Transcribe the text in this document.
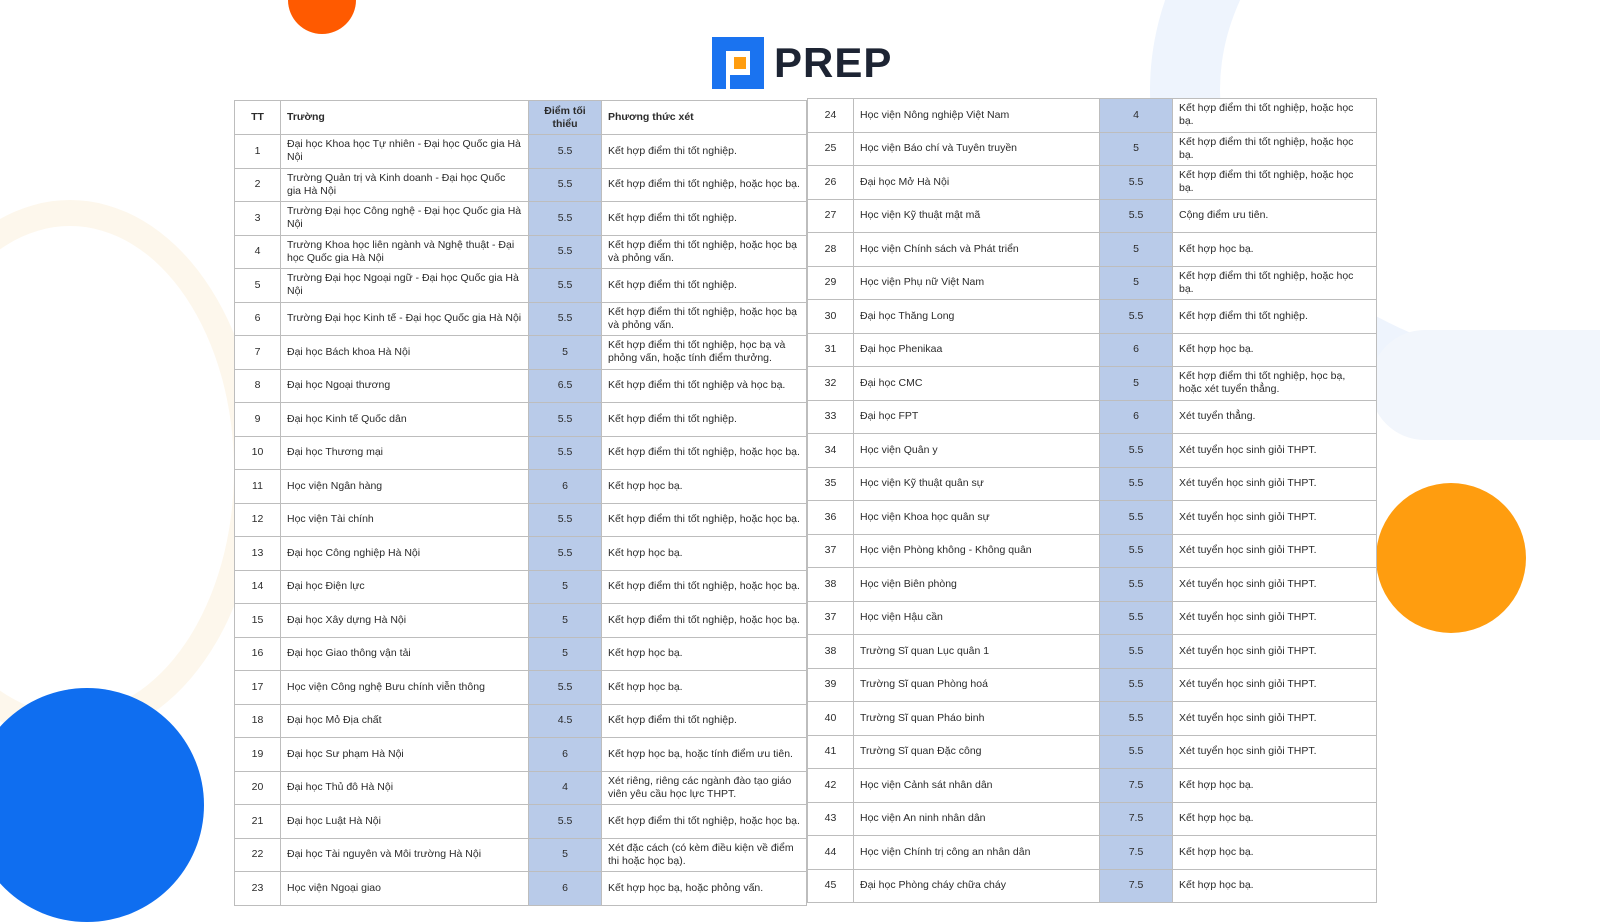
PREP
TT	Trường	Điểm tối thiểu	Phương thức xét
1	Đại học Khoa học Tự nhiên - Đại học Quốc gia Hà Nội	5.5	Kết hợp điểm thi tốt nghiệp.
2	Trường Quản trị và Kinh doanh - Đại học Quốc gia Hà Nội	5.5	Kết hợp điểm thi tốt nghiệp, hoặc học bạ.
3	Trường Đại học Công nghệ - Đại học Quốc gia Hà Nội	5.5	Kết hợp điểm thi tốt nghiệp.
4	Trường Khoa học liên ngành và Nghệ thuật - Đại học Quốc gia Hà Nội	5.5	Kết hợp điểm thi tốt nghiệp, hoặc học bạ và phỏng vấn.
5	Trường Đại học Ngoại ngữ - Đại học Quốc gia Hà Nội	5.5	Kết hợp điểm thi tốt nghiệp.
6	Trường Đại học Kinh tế - Đại học Quốc gia Hà Nội	5.5	Kết hợp điểm thi tốt nghiệp, hoặc học bạ và phỏng vấn.
7	Đại học Bách khoa Hà Nội	5	Kết hợp điểm thi tốt nghiệp, học bạ và phỏng vấn, hoặc tính điểm thưởng.
8	Đại học Ngoại thương	6.5	Kết hợp điểm thi tốt nghiệp và học bạ.
9	Đại học Kinh tế Quốc dân	5.5	Kết hợp điểm thi tốt nghiệp.
10	Đại học Thương mại	5.5	Kết hợp điểm thi tốt nghiệp, hoặc học bạ.
11	Học viện Ngân hàng	6	Kết hợp học bạ.
12	Học viện Tài chính	5.5	Kết hợp điểm thi tốt nghiệp, hoặc học bạ.
13	Đại học Công nghiệp Hà Nội	5.5	Kết hợp học bạ.
14	Đại học Điện lực	5	Kết hợp điểm thi tốt nghiệp, hoặc học bạ.
15	Đại học Xây dựng Hà Nội	5	Kết hợp điểm thi tốt nghiệp, hoặc học bạ.
16	Đại học Giao thông vận tải	5	Kết hợp học bạ.
17	Học viện Công nghệ Bưu chính viễn thông	5.5	Kết hợp học bạ.
18	Đại học Mỏ Địa chất	4.5	Kết hợp điểm thi tốt nghiệp.
19	Đại học Sư phạm Hà Nội	6	Kết hợp học bạ, hoặc tính điểm ưu tiên.
20	Đại học Thủ đô Hà Nội	4	Xét riêng, riêng các ngành đào tạo giáo viên yêu cầu học lực THPT.
21	Đại học Luật Hà Nội	5.5	Kết hợp điểm thi tốt nghiệp, hoặc học bạ.
22	Đại học Tài nguyên và Môi trường Hà Nội	5	Xét đặc cách (có kèm điều kiện về điểm thi hoặc học bạ).
23	Học viện Ngoại giao	6	Kết hợp học bạ, hoặc phỏng vấn.
24	Học viện Nông nghiệp Việt Nam	4	Kết hợp điểm thi tốt nghiệp, hoặc học bạ.
25	Học viện Báo chí và Tuyên truyền	5	Kết hợp điểm thi tốt nghiệp, hoặc học bạ.
26	Đại học Mở Hà Nội	5.5	Kết hợp điểm thi tốt nghiệp, hoặc học bạ.
27	Học viện Kỹ thuật mật mã	5.5	Cộng điểm ưu tiên.
28	Học viện Chính sách và Phát triển	5	Kết hợp học bạ.
29	Học viện Phụ nữ Việt Nam	5	Kết hợp điểm thi tốt nghiệp, hoặc học bạ.
30	Đại học Thăng Long	5.5	Kết hợp điểm thi tốt nghiệp.
31	Đại học Phenikaa	6	Kết hợp học bạ.
32	Đại học CMC	5	Kết hợp điểm thi tốt nghiệp, học bạ, hoặc xét tuyển thẳng.
33	Đại học FPT	6	Xét tuyển thẳng.
34	Học viện Quân y	5.5	Xét tuyển học sinh giỏi THPT.
35	Học viện Kỹ thuật quân sự	5.5	Xét tuyển học sinh giỏi THPT.
36	Học viện Khoa học quân sự	5.5	Xét tuyển học sinh giỏi THPT.
37	Học viện Phòng không - Không quân	5.5	Xét tuyển học sinh giỏi THPT.
38	Học viện Biên phòng	5.5	Xét tuyển học sinh giỏi THPT.
37	Học viện Hậu cần	5.5	Xét tuyển học sinh giỏi THPT.
38	Trường Sĩ quan Lục quân 1	5.5	Xét tuyển học sinh giỏi THPT.
39	Trường Sĩ quan Phòng hoá	5.5	Xét tuyển học sinh giỏi THPT.
40	Trường Sĩ quan Pháo binh	5.5	Xét tuyển học sinh giỏi THPT.
41	Trường Sĩ quan Đặc công	5.5	Xét tuyển học sinh giỏi THPT.
42	Học viện Cảnh sát nhân dân	7.5	Kết hợp học bạ.
43	Học viện An ninh nhân dân	7.5	Kết hợp học bạ.
44	Học viện Chính trị công an nhân dân	7.5	Kết hợp học bạ.
45	Đại học Phòng cháy chữa cháy	7.5	Kết hợp học bạ.
